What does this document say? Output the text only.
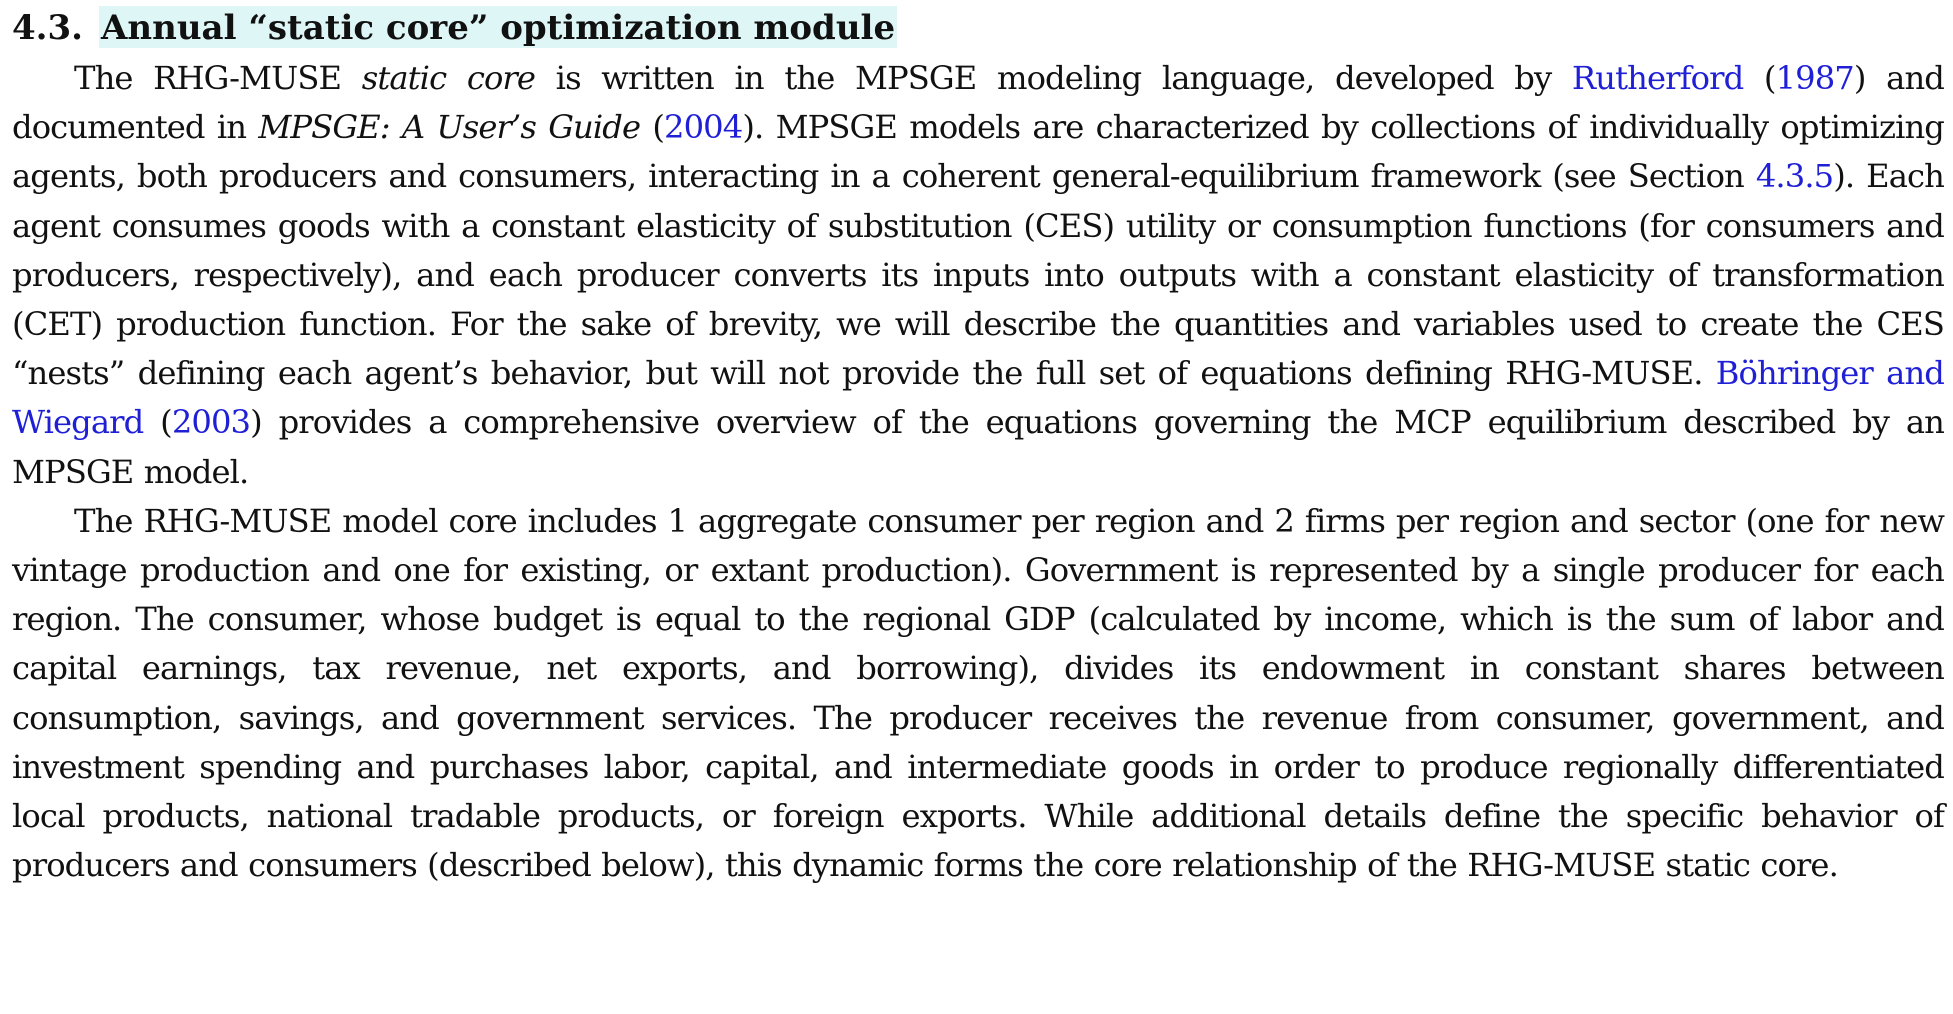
4.3. Annual “static core” optimization module

The RHG-MUSE static core is written in the MPSGE modeling language, developed by Rutherford (1987) and documented in MPSGE: A User’s Guide (2004). MPSGE models are characterized by collections of individually optimizing agents, both producers and consumers, interacting in a coherent general-equilibrium framework (see Section 4.3.5). Each agent consumes goods with a constant elasticity of substitution (CES) utility or consumption functions (for consumers and producers, respectively), and each producer converts its inputs into outputs with a constant elasticity of transformation (CET) production function. For the sake of brevity, we will describe the quantities and variables used to create the CES “nests” defining each agent’s behavior, but will not provide the full set of equations defining RHG-MUSE. Böhringer and Wiegard (2003) provides a comprehensive overview of the equations governing the MCP equilibrium described by an MPSGE model.

The RHG-MUSE model core includes 1 aggregate consumer per region and 2 firms per region and sector (one for new vintage production and one for existing, or extant production). Government is represented by a single producer for each region. The consumer, whose budget is equal to the regional GDP (calculated by income, which is the sum of labor and capital earnings, tax revenue, net exports, and borrowing), divides its endowment in constant shares between consumption, savings, and government services. The producer receives the revenue from consumer, government, and investment spending and purchases labor, capital, and intermediate goods in order to produce regionally differentiated local products, national tradable products, or foreign exports. While additional details define the specific behavior of producers and consumers (described below), this dynamic forms the core relationship of the RHG-MUSE static core.
